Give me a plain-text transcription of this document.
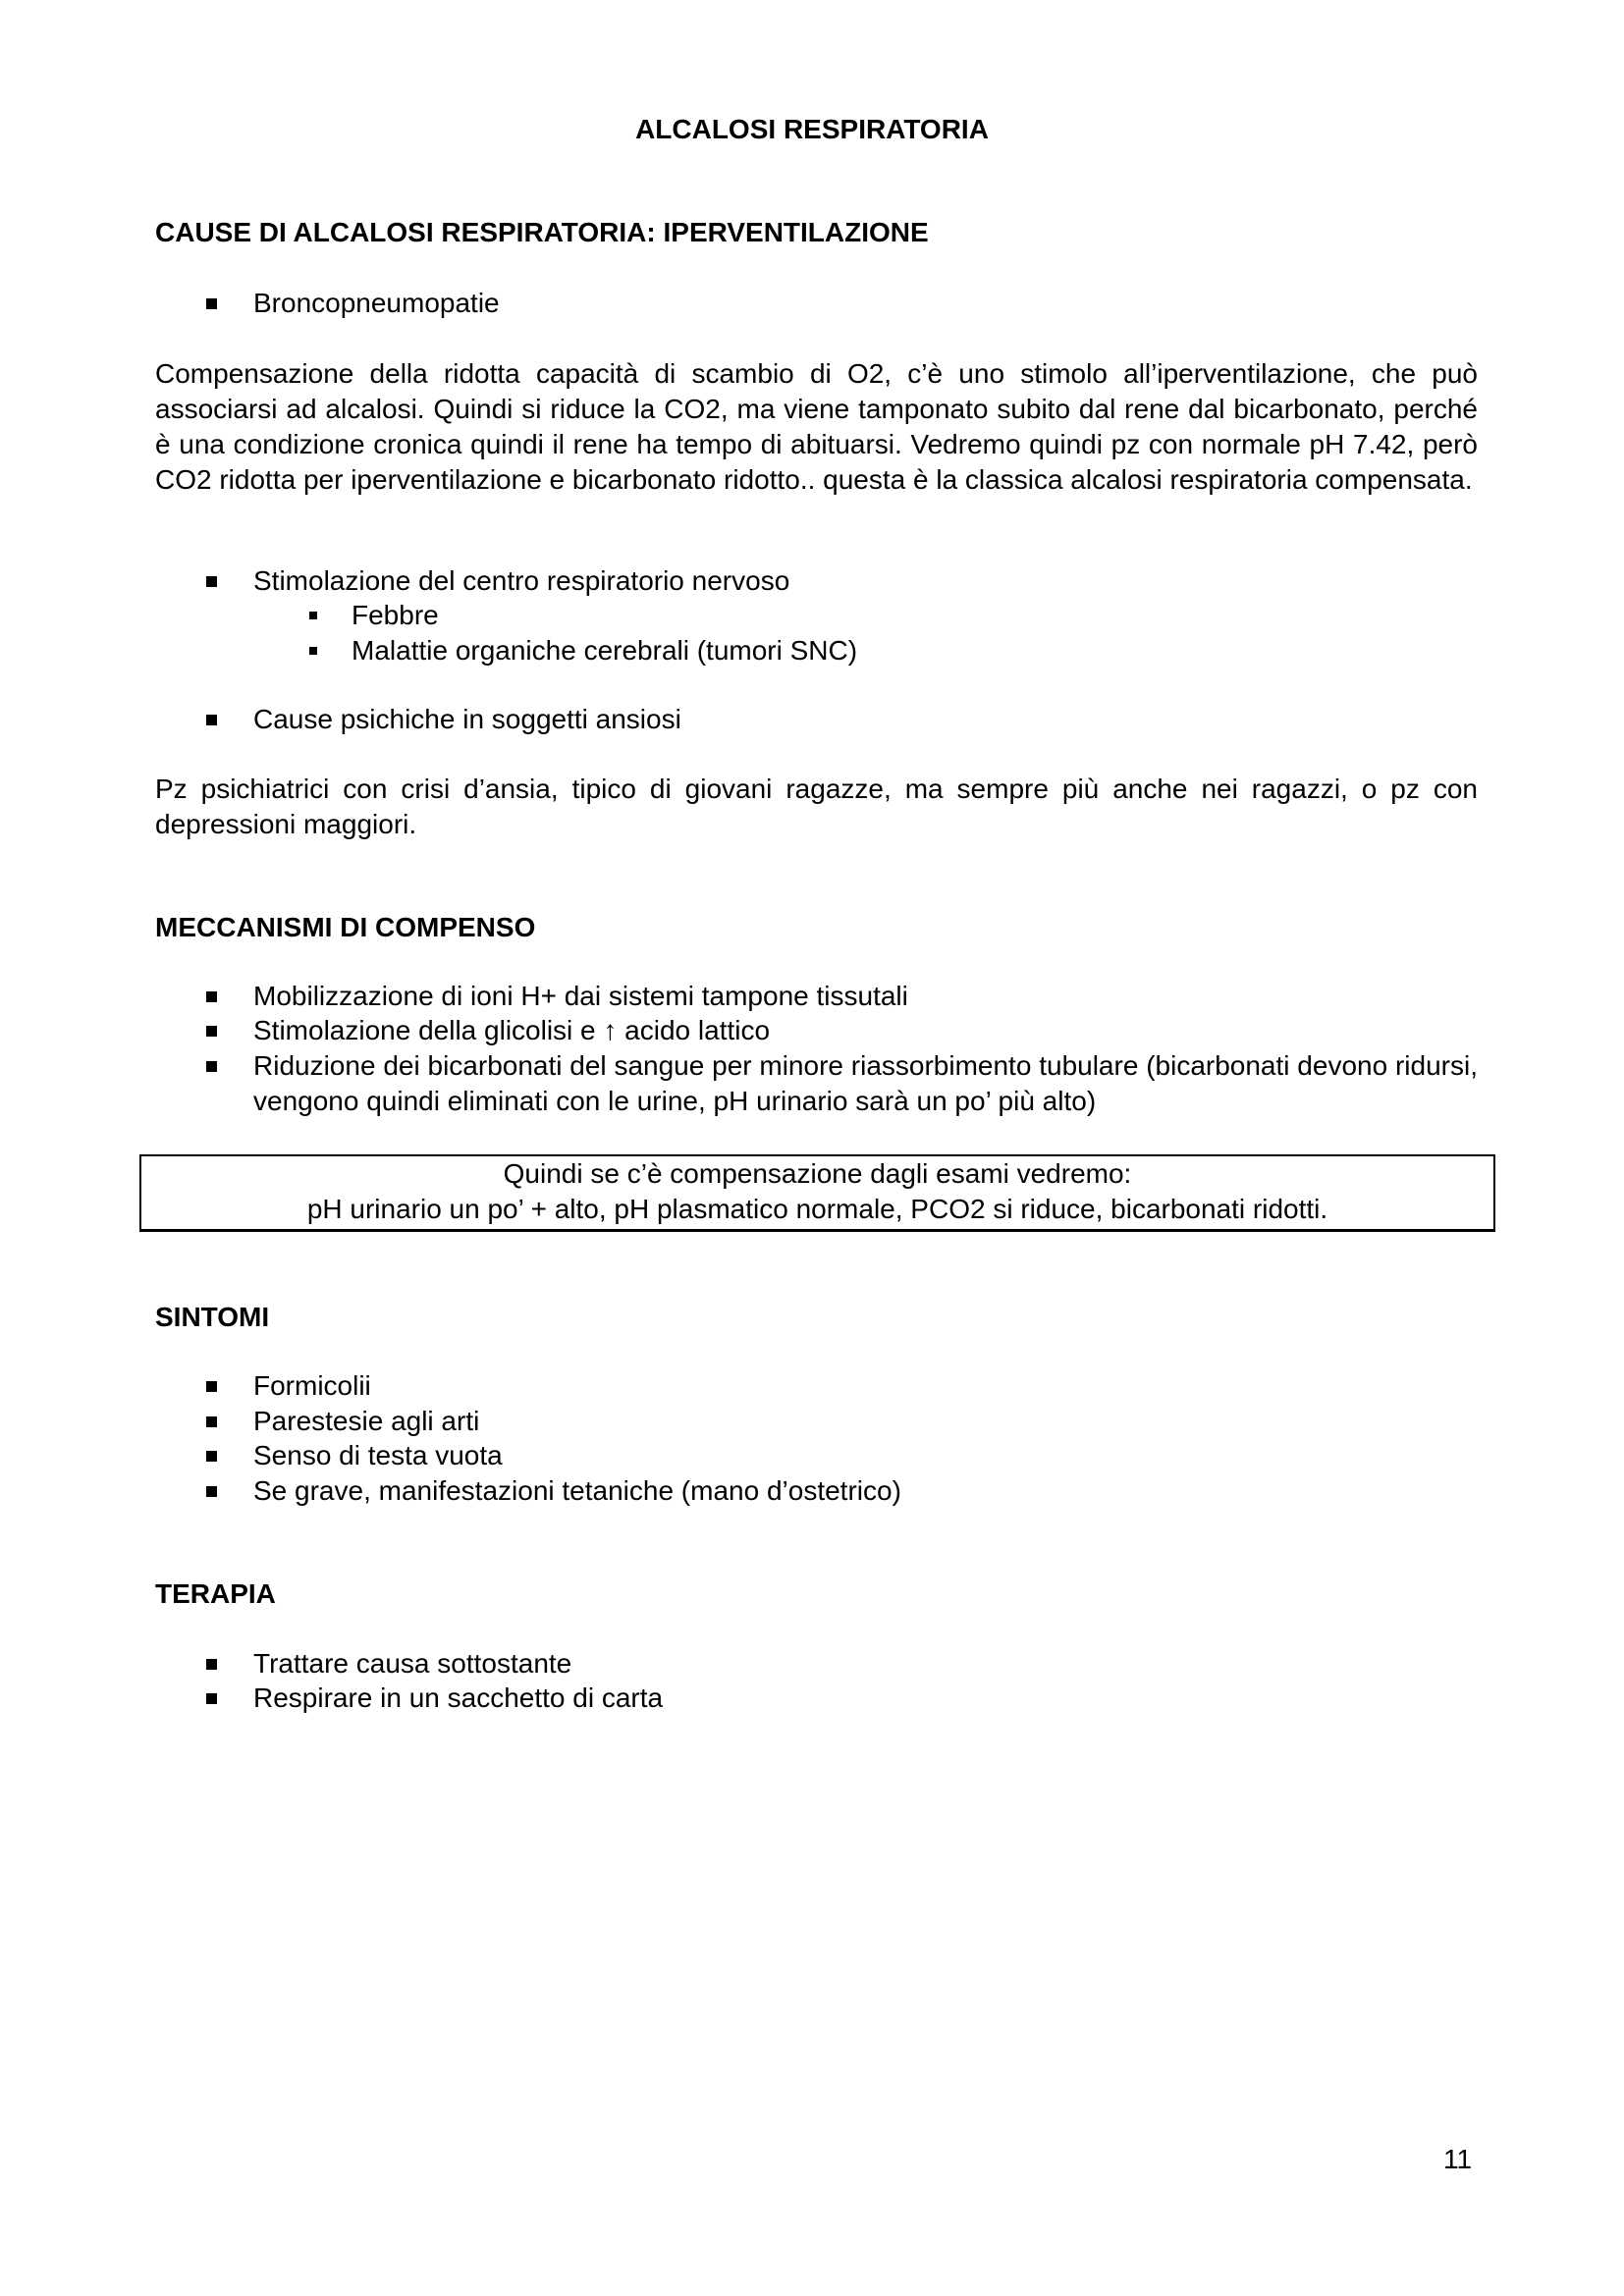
ALCALOSI RESPIRATORIA
CAUSE DI ALCALOSI RESPIRATORIA: IPERVENTILAZIONE
Broncopneumopatie
Compensazione della ridotta capacità di scambio di O2, c’è uno stimolo all’iperventilazione, che può associarsi ad alcalosi. Quindi si riduce la CO2, ma viene tamponato subito dal rene dal bicarbonato, perché è una condizione cronica quindi il rene ha tempo di abituarsi. Vedremo quindi pz con normale pH 7.42, però CO2 ridotta per iperventilazione e bicarbonato ridotto.. questa è la classica alcalosi respiratoria compensata.
Stimolazione del centro respiratorio nervoso
Febbre
Malattie organiche cerebrali (tumori SNC)
Cause psichiche in soggetti ansiosi
Pz psichiatrici con crisi d’ansia, tipico di giovani ragazze, ma sempre più anche nei ragazzi, o pz con depressioni maggiori.
MECCANISMI DI COMPENSO
Mobilizzazione di ioni H+ dai sistemi tampone tissutali
Stimolazione della glicolisi e ↑ acido lattico
Riduzione dei bicarbonati del sangue per minore riassorbimento tubulare (bicarbonati devono ridursi, vengono quindi eliminati con le urine, pH urinario sarà un po’ più alto)
Quindi se c’è compensazione dagli esami vedremo:
pH urinario un po’ + alto, pH plasmatico normale, PCO2 si riduce, bicarbonati ridotti.
SINTOMI
Formicolii
Parestesie agli arti
Senso di testa vuota
Se grave, manifestazioni tetaniche (mano d’ostetrico)
TERAPIA
Trattare causa sottostante
Respirare in un sacchetto di carta
11
